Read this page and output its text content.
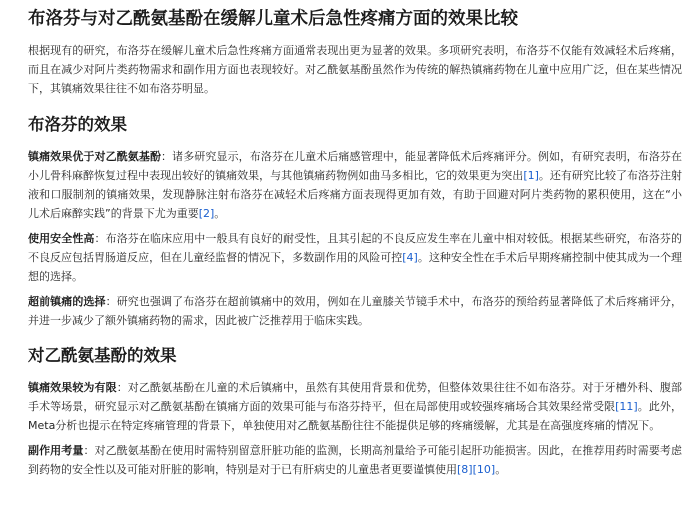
布洛芬与对乙酰氨基酚在缓解儿童术后急性疼痛方面的效果比较

根据现有的研究，布洛芬在缓解儿童术后急性疼痛方面通常表现出更为显著的效果。多项研究表明，布洛芬不仅能有效减轻术后疼痛，而且在减少对阿片类药物需求和副作用方面也表现较好。对乙酰氨基酚虽然作为传统的解热镇痛药物在儿童中应用广泛，但在某些情况下，其镇痛效果往往不如布洛芬明显。

布洛芬的效果

镇痛效果优于对乙酰氨基酚：诸多研究显示，布洛芬在儿童术后痛感管理中，能显著降低术后疼痛评分。例如，有研究表明，布洛芬在小儿骨科麻醉恢复过程中表现出较好的镇痛效果，与其他镇痛药物例如曲马多相比，它的效果更为突出[1]。还有研究比较了布洛芬注射液和口服制剂的镇痛效果，发现静脉注射布洛芬在减轻术后疼痛方面表现得更加有效，有助于回避对阿片类药物的累积使用，这在“小儿术后麻醉实践”的背景下尤为重要[2]。

使用安全性高：布洛芬在临床应用中一般具有良好的耐受性，且其引起的不良反应发生率在儿童中相对较低。根据某些研究，布洛芬的不良反应包括胃肠道反应，但在儿童经监督的情况下，多数副作用的风险可控[4]。这种安全性在手术后早期疼痛控制中使其成为一个理想的选择。

超前镇痛的选择：研究也强调了布洛芬在超前镇痛中的效用，例如在儿童膝关节镜手术中，布洛芬的预给药显著降低了术后疼痛评分，并进一步减少了额外镇痛药物的需求，因此被广泛推荐用于临床实践。

对乙酰氨基酚的效果

镇痛效果较为有限：对乙酰氨基酚在儿童的术后镇痛中，虽然有其使用背景和优势，但整体效果往往不如布洛芬。对于牙槽外科、腹部手术等场景，研究显示对乙酰氨基酚在镇痛方面的效果可能与布洛芬持平，但在局部使用或较强疼痛场合其效果经常受限[11]。此外，Meta分析也提示在特定疼痛管理的背景下，单独使用对乙酰氨基酚往往不能提供足够的疼痛缓解，尤其是在高强度疼痛的情况下。

副作用考量：对乙酰氨基酚在使用时需特别留意肝脏功能的监测，长期高剂量给予可能引起肝功能损害。因此，在推荐用药时需要考虑到药物的安全性以及可能对肝脏的影响，特别是对于已有肝病史的儿童患者更要谨慎使用[8][10]。
